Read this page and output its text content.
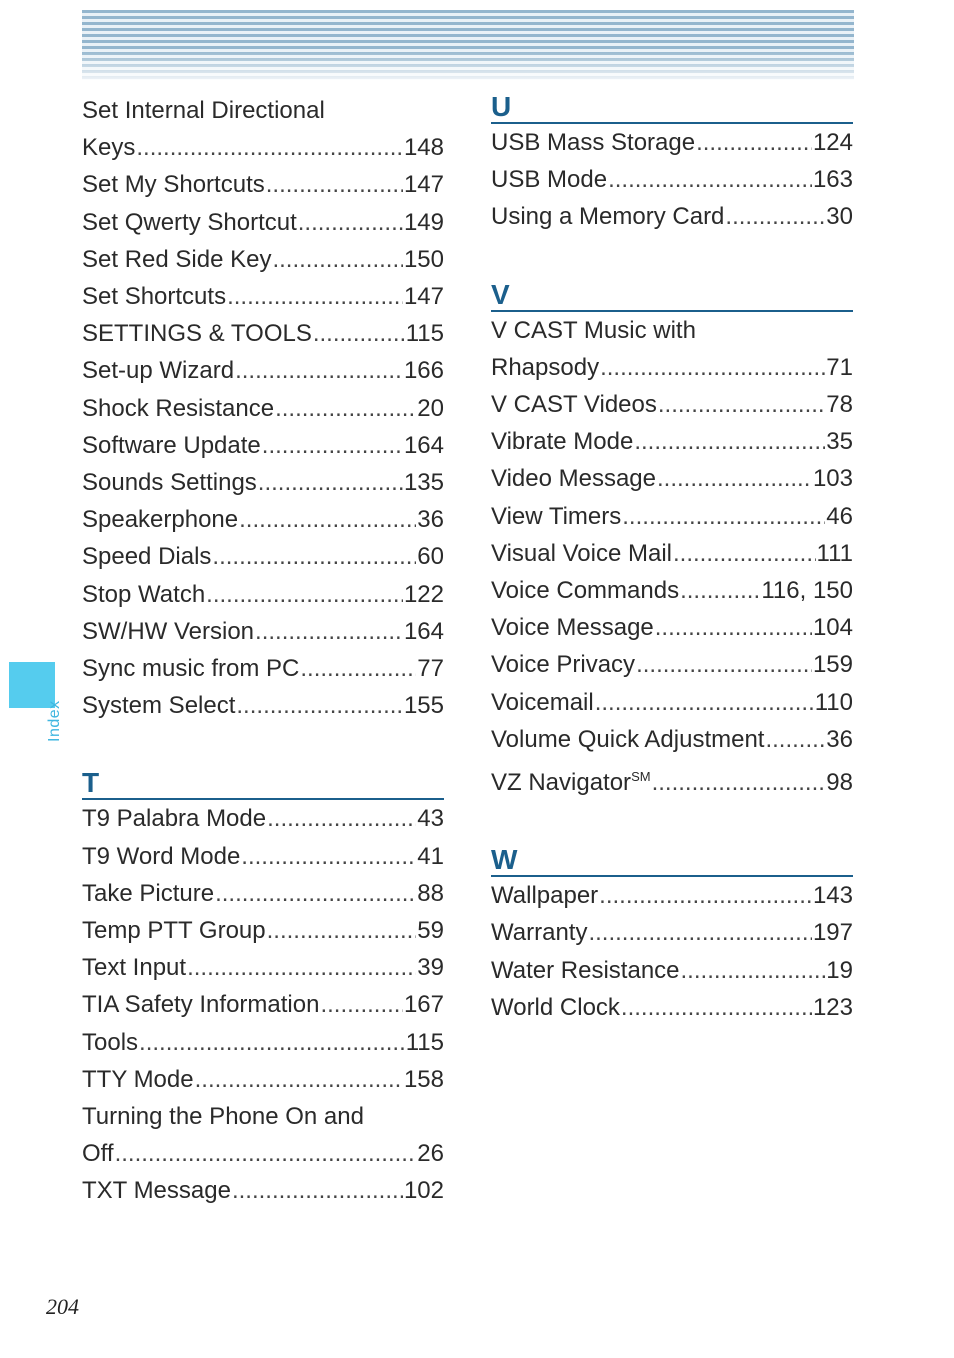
Index
Set Internal Directional
Keys .....	148
Set My Shortcuts .....	147
Set Qwerty Shortcut .....	149
Set Red Side Key .....	150
Set Shortcuts .....	147
SETTINGS & TOOLS .....	115
Set-up Wizard .....	166
Shock Resistance .....	20
Software Update .....	164
Sounds Settings .....	135
Speakerphone .....	36
Speed Dials .....	60
Stop Watch .....	122
SW/HW Version .....	164
Sync music from PC .....	77
System Select .....	155
T
T9 Palabra Mode .....	43
T9 Word Mode .....	41
Take Picture .....	88
Temp PTT Group .....	59
Text Input .....	39
TIA Safety Information .....	167
Tools .....	115
TTY Mode .....	158
Turning the Phone On and
Off .....	26
TXT Message .....	102
U
USB Mass Storage .....	124
USB Mode .....	163
Using a Memory Card .....	30
V
V CAST Music with
Rhapsody .....	71
V CAST Videos .....	78
Vibrate Mode .....	35
Video Message .....	103
View Timers .....	46
Visual Voice Mail .....	111
Voice Commands .....	116, 150
Voice Message .....	104
Voice Privacy .....	159
Voicemail .....	110
Volume Quick Adjustment .....	36
VZ Navigator℠ .....	98
W
Wallpaper .....	143
Warranty .....	197
Water Resistance .....	19
World Clock .....	123
204
